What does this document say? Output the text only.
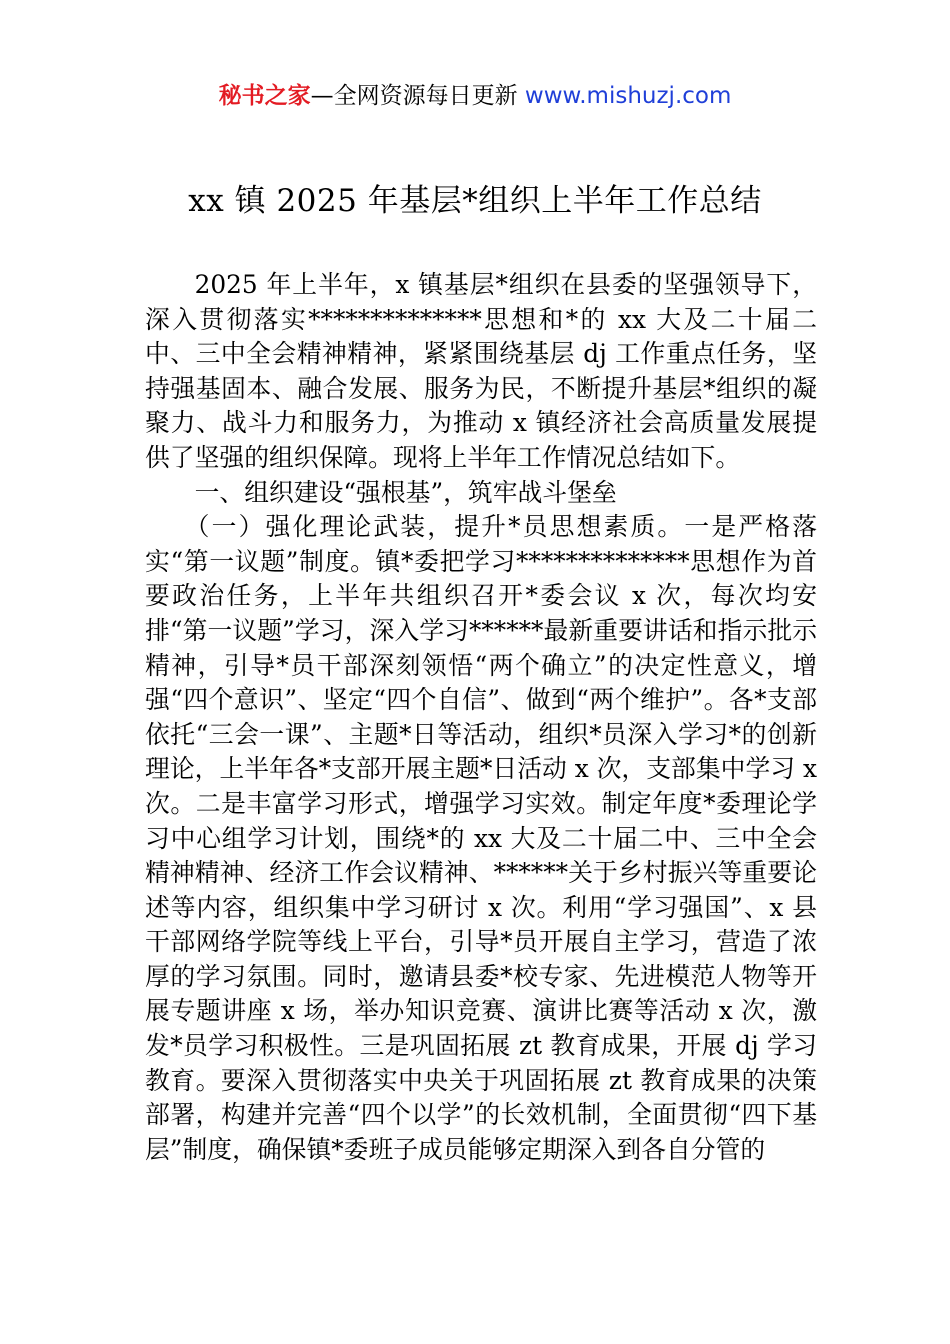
秘书之家—全网资源每日更新 www.mishuzj.com
xx 镇 2025 年基层*组织上半年工作总结

2025 年上半年，x 镇基层*组织在县委的坚强领导下，深入贯彻落实**************思想和*的 xx 大及二十届二中、三中全会精神精神，紧紧围绕基层 dj 工作重点任务，坚持强基固本、融合发展、服务为民，不断提升基层*组织的凝聚力、战斗力和服务力，为推动 x 镇经济社会高质量发展提供了坚强的组织保障。现将上半年工作情况总结如下。

一、组织建设“强根基”，筑牢战斗堡垒

（一）强化理论武装，提升*员思想素质。一是严格落实“第一议题”制度。镇*委把学习**************思想作为首要政治任务，上半年共组织召开*委会议 x 次，每次均安排“第一议题”学习，深入学习******最新重要讲话和指示批示精神，引导*员干部深刻领悟“两个确立”的决定性意义，增强“四个意识”、坚定“四个自信”、做到“两个维护”。各*支部依托“三会一课”、主题*日等活动，组织*员深入学习*的创新理论，上半年各*支部开展主题*日活动 x 次，支部集中学习 x 次。二是丰富学习形式，增强学习实效。制定年度*委理论学习中心组学习计划，围绕*的 xx 大及二十届二中、三中全会精神精神、经济工作会议精神、******关于乡村振兴等重要论述等内容，组织集中学习研讨 x 次。利用“学习强国”、x 县干部网络学院等线上平台，引导*员开展自主学习，营造了浓厚的学习氛围。同时，邀请县委*校专家、先进模范人物等开展专题讲座 x 场，举办知识竞赛、演讲比赛等活动 x 次，激发*员学习积极性。三是巩固拓展 zt 教育成果，开展 dj 学习教育。要深入贯彻落实中央关于巩固拓展 zt 教育成果的决策部署，构建并完善“四个以学”的长效机制，全面贯彻“四下基层”制度，确保镇*委班子成员能够定期深入到各自分管的
